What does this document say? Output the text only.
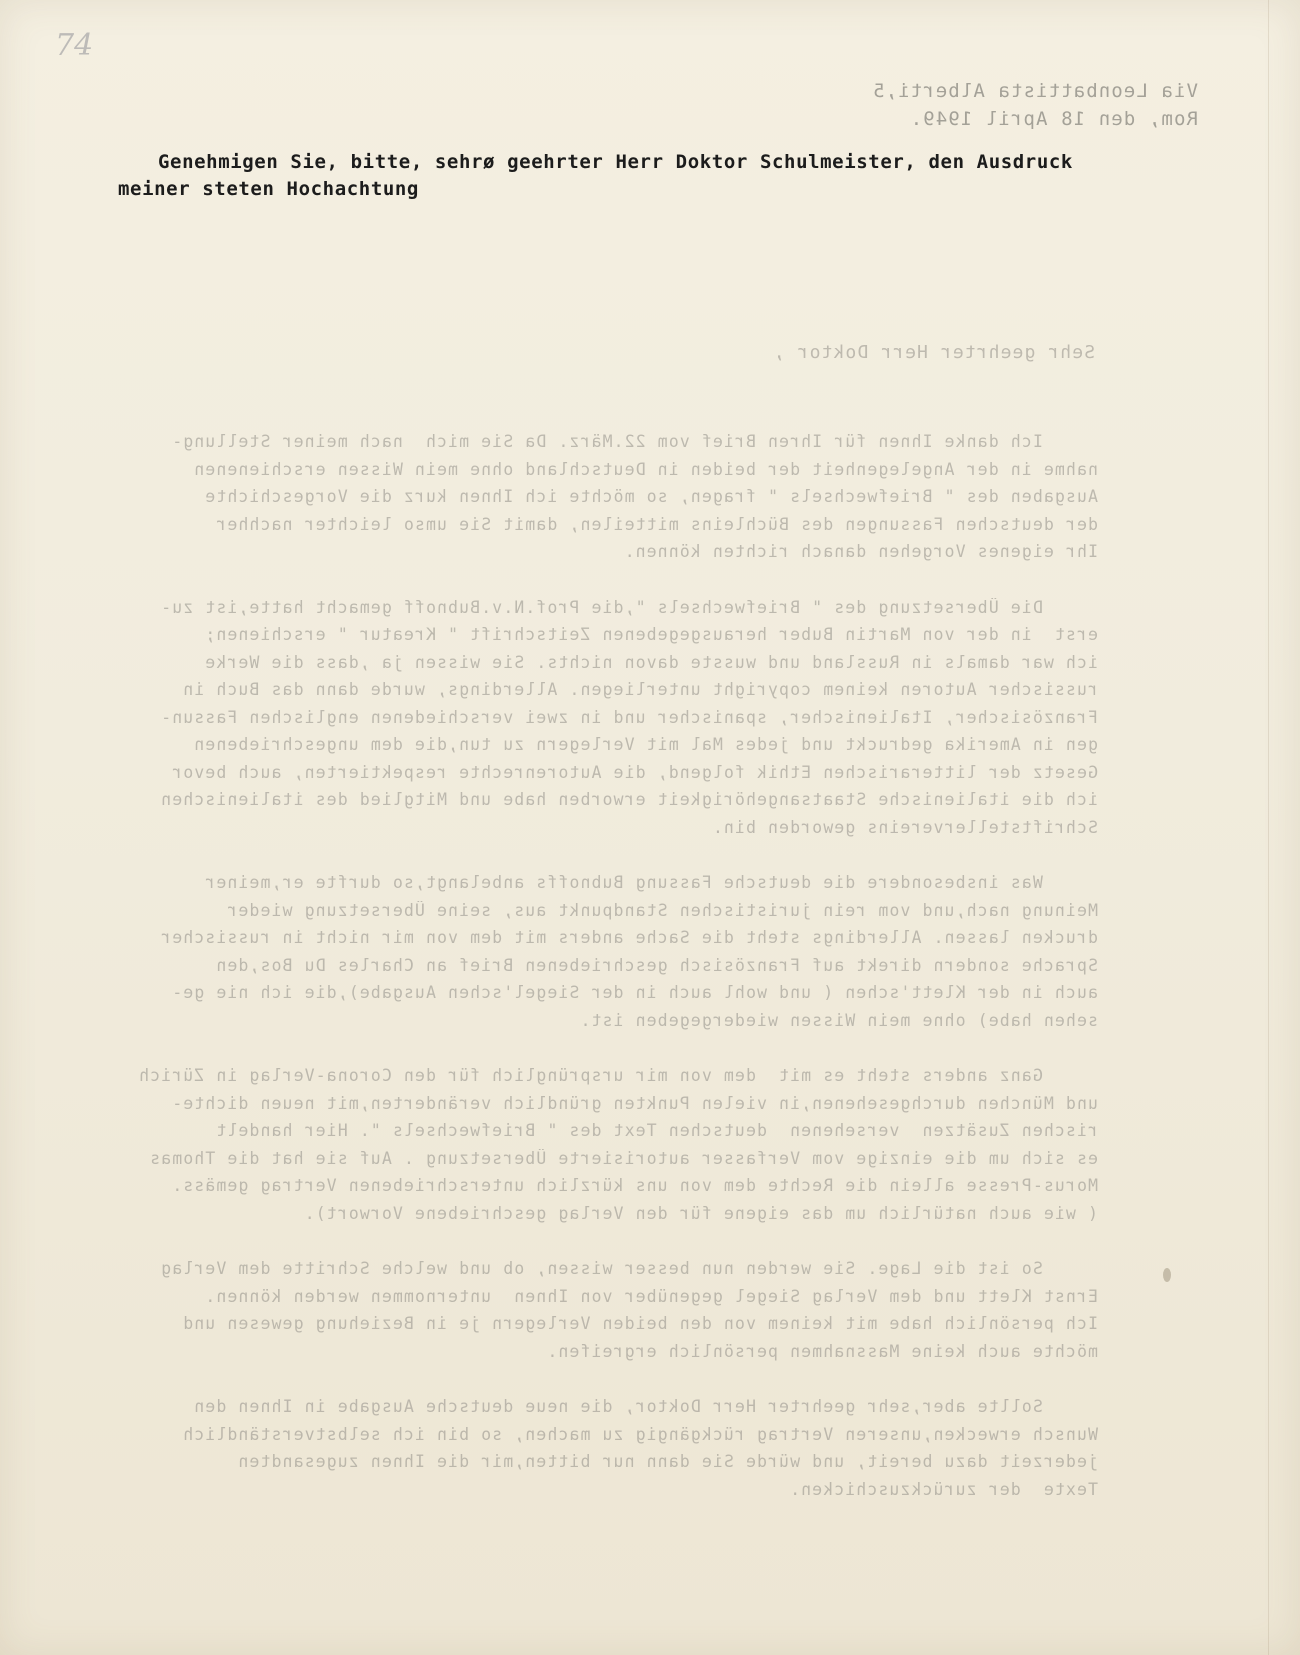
74
Via Leonbattista Alberti,5
Rom, den 18 April 1949.
Sehr geehrter Herr Doktor ,
Ich danke Ihnen für Ihren Brief vom 22.März. Da Sie mich  nach meiner Stellung-
nahme in der Angelegenheit der beiden in Deutschland ohne mein Wissen erschienenen
Ausgaben des " Briefwechsels " fragen, so möchte ich Ihnen kurz die Vorgeschichte
der deutschen Fassungen des Büchleins mitteilen, damit Sie umso leichter nachher
Ihr eigenes Vorgehen danach richten können.
Die Übersetzung des " Briefwechsels ",die Prof.N.v.Bubnoff gemacht hatte,ist zu-
erst  in der von Martin Buber herausgegebenen Zeitschrift " Kreatur " erschienen;
ich war damals in Russland und wusste davon nichts. Sie wissen ja ,dass die Werke
russischer Autoren keinem copyright unterliegen. Allerdings, wurde dann das Buch in
Französischer, Italienischer, spanischer und in zwei verschiedenen englischen Fassun-
gen in Amerika gedruckt und jedes Mal mit Verlegern zu tun,die dem ungeschriebenen
Gesetz der litterarischen Ethik folgend, die Autorenrechte respektierten, auch bevor
ich die italienische Staatsangehörigkeit erworben habe und Mitglied des italienischen
Schriftstellervereins geworden bin.
Was insbesondere die deutsche Fassung Bubnoffs anbelangt,so durfte er,meiner
Meinung nach,und vom rein juristischen Standpunkt aus, seine Übersetzung wieder
drucken lassen. Allerdings steht die Sache anders mit dem von mir nicht in russischer
Sprache sondern direkt auf Französisch geschriebenen Brief an Charles Du Bos,den
auch in der Klett'schen ( und wohl auch in der Siegel'schen Ausgabe),die ich nie ge-
sehen habe) ohne mein Wissen wiedergegeben ist.
Ganz anders steht es mit  dem von mir ursprünglich für den Corona-Verlag in Zürich
und München durchgesehenen,in vielen Punkten gründlich veränderten,mit neuen dichte-
rischen Zusätzen  versehenen  deutschen Text des " Briefwechsels ". Hier handelt
es sich um die einzige vom Verfasser autorisierte Übersetzung . Auf sie hat die Thomas
Morus-Presse allein die Rechte dem von uns kürzlich unterschriebenen Vertrag gemäss.
( wie auch natürlich um das eigene für den Verlag geschriebene Vorwort).
So ist die Lage. Sie werden nun besser wissen, ob und welche Schritte dem Verlag
Ernst Klett und dem Verlag Siegel gegenüber von Ihnen  unternommen werden können.
Ich persönlich habe mit keinem von den beiden Verlegern je in Beziehung gewesen und
möchte auch keine Massnahmen persönlich ergreifen.
Sollte aber,sehr geehrter Herr Doktor, die neue deutsche Ausgabe in Ihnen den
Wunsch erwecken,unseren Vertrag rückgängig zu machen, so bin ich selbstverständlich
jederzeit dazu bereit, und würde Sie dann nur bitten,mir die Ihnen zugesandten
Texte  der zurückzuschicken.
Genehmigen Sie, bitte, sehrø geehrter Herr Doktor Schulmeister, den Ausdruck
meiner steten Hochachtung
